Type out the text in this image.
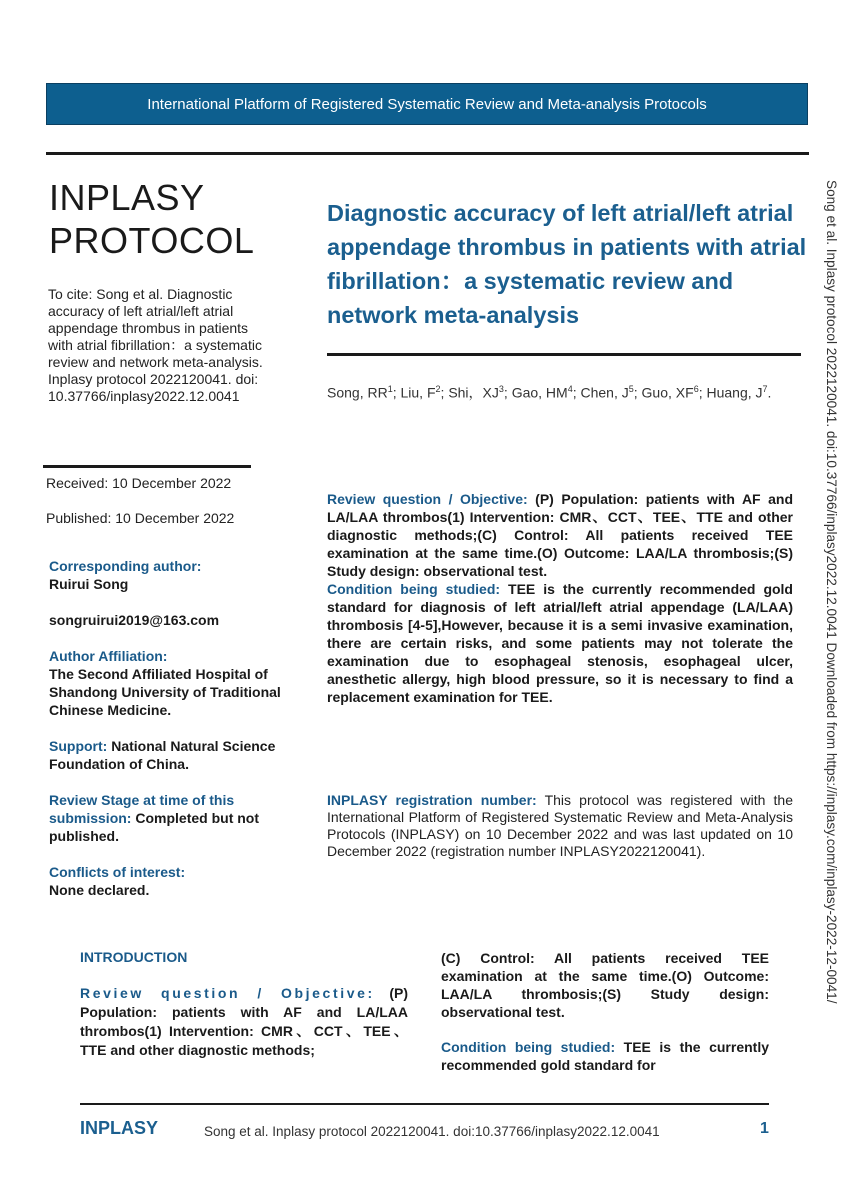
International Platform of Registered Systematic Review and Meta-analysis Protocols
INPLASY
PROTOCOL
To cite: Song et al. Diagnostic accuracy of left atrial/left atrial appendage thrombus in patients with atrial fibrillation：a systematic review and network meta-analysis. Inplasy protocol 2022120041. doi: 10.37766/inplasy2022.12.0041
Received: 10 December 2022
Published: 10 December 2022
Corresponding author:
Ruirui Song
songruirui2019@163.com
Author Affiliation:
The Second Affiliated Hospital of Shandong University of Traditional Chinese Medicine.
Support: National Natural Science Foundation of China.
Review Stage at time of this submission: Completed but not published.
Conflicts of interest:
None declared.
Diagnostic accuracy of left atrial/left atrial appendage thrombus in patients with atrial fibrillation：a systematic review and network meta-analysis
Song, $RR^1$; Liu, $F^2$; Shi，$XJ^3$; Gao, $HM^4$; Chen, $J^5$; Guo, $XF^6$; Huang, $J^7$.
Review question / Objective: (P) Population: patients with AF and LA/LAA thrombos(1) Intervention: CMR、CCT、TEE、TTE and other diagnostic methods;(C) Control: All patients received TEE examination at the same time.(O) Outcome: LAA/LA thrombosis;(S) Study design: observational test.
Condition being studied: TEE is the currently recommended gold standard for diagnosis of left atrial/left atrial appendage (LA/LAA) thrombosis [4-5],However, because it is a semi invasive examination, there are certain risks, and some patients may not tolerate the examination due to esophageal stenosis, esophageal ulcer, anesthetic allergy, high blood pressure, so it is necessary to find a replacement examination for TEE.
INPLASY registration number: This protocol was registered with the International Platform of Registered Systematic Review and Meta-Analysis Protocols (INPLASY) on 10 December 2022 and was last updated on 10 December 2022 (registration number INPLASY2022120041).
INTRODUCTION
Review question / Objective: (P) Population: patients with AF and LA/LAA thrombos(1) Intervention: CMR、CCT、TEE、TTE and other diagnostic methods;
(C) Control: All patients received TEE examination at the same time.(O) Outcome: LAA/LA thrombosis;(S) Study design: observational test.
Condition being studied: TEE is the currently recommended gold standard for
INPLASY	Song et al. Inplasy protocol 2022120041. doi:10.37766/inplasy2022.12.0041	1
Song et al. Inplasy protocol 2022120041. doi:10.37766/inplasy2022.12.0041 Downloaded from https://inplasy.com/inplasy-2022-12-0041/
